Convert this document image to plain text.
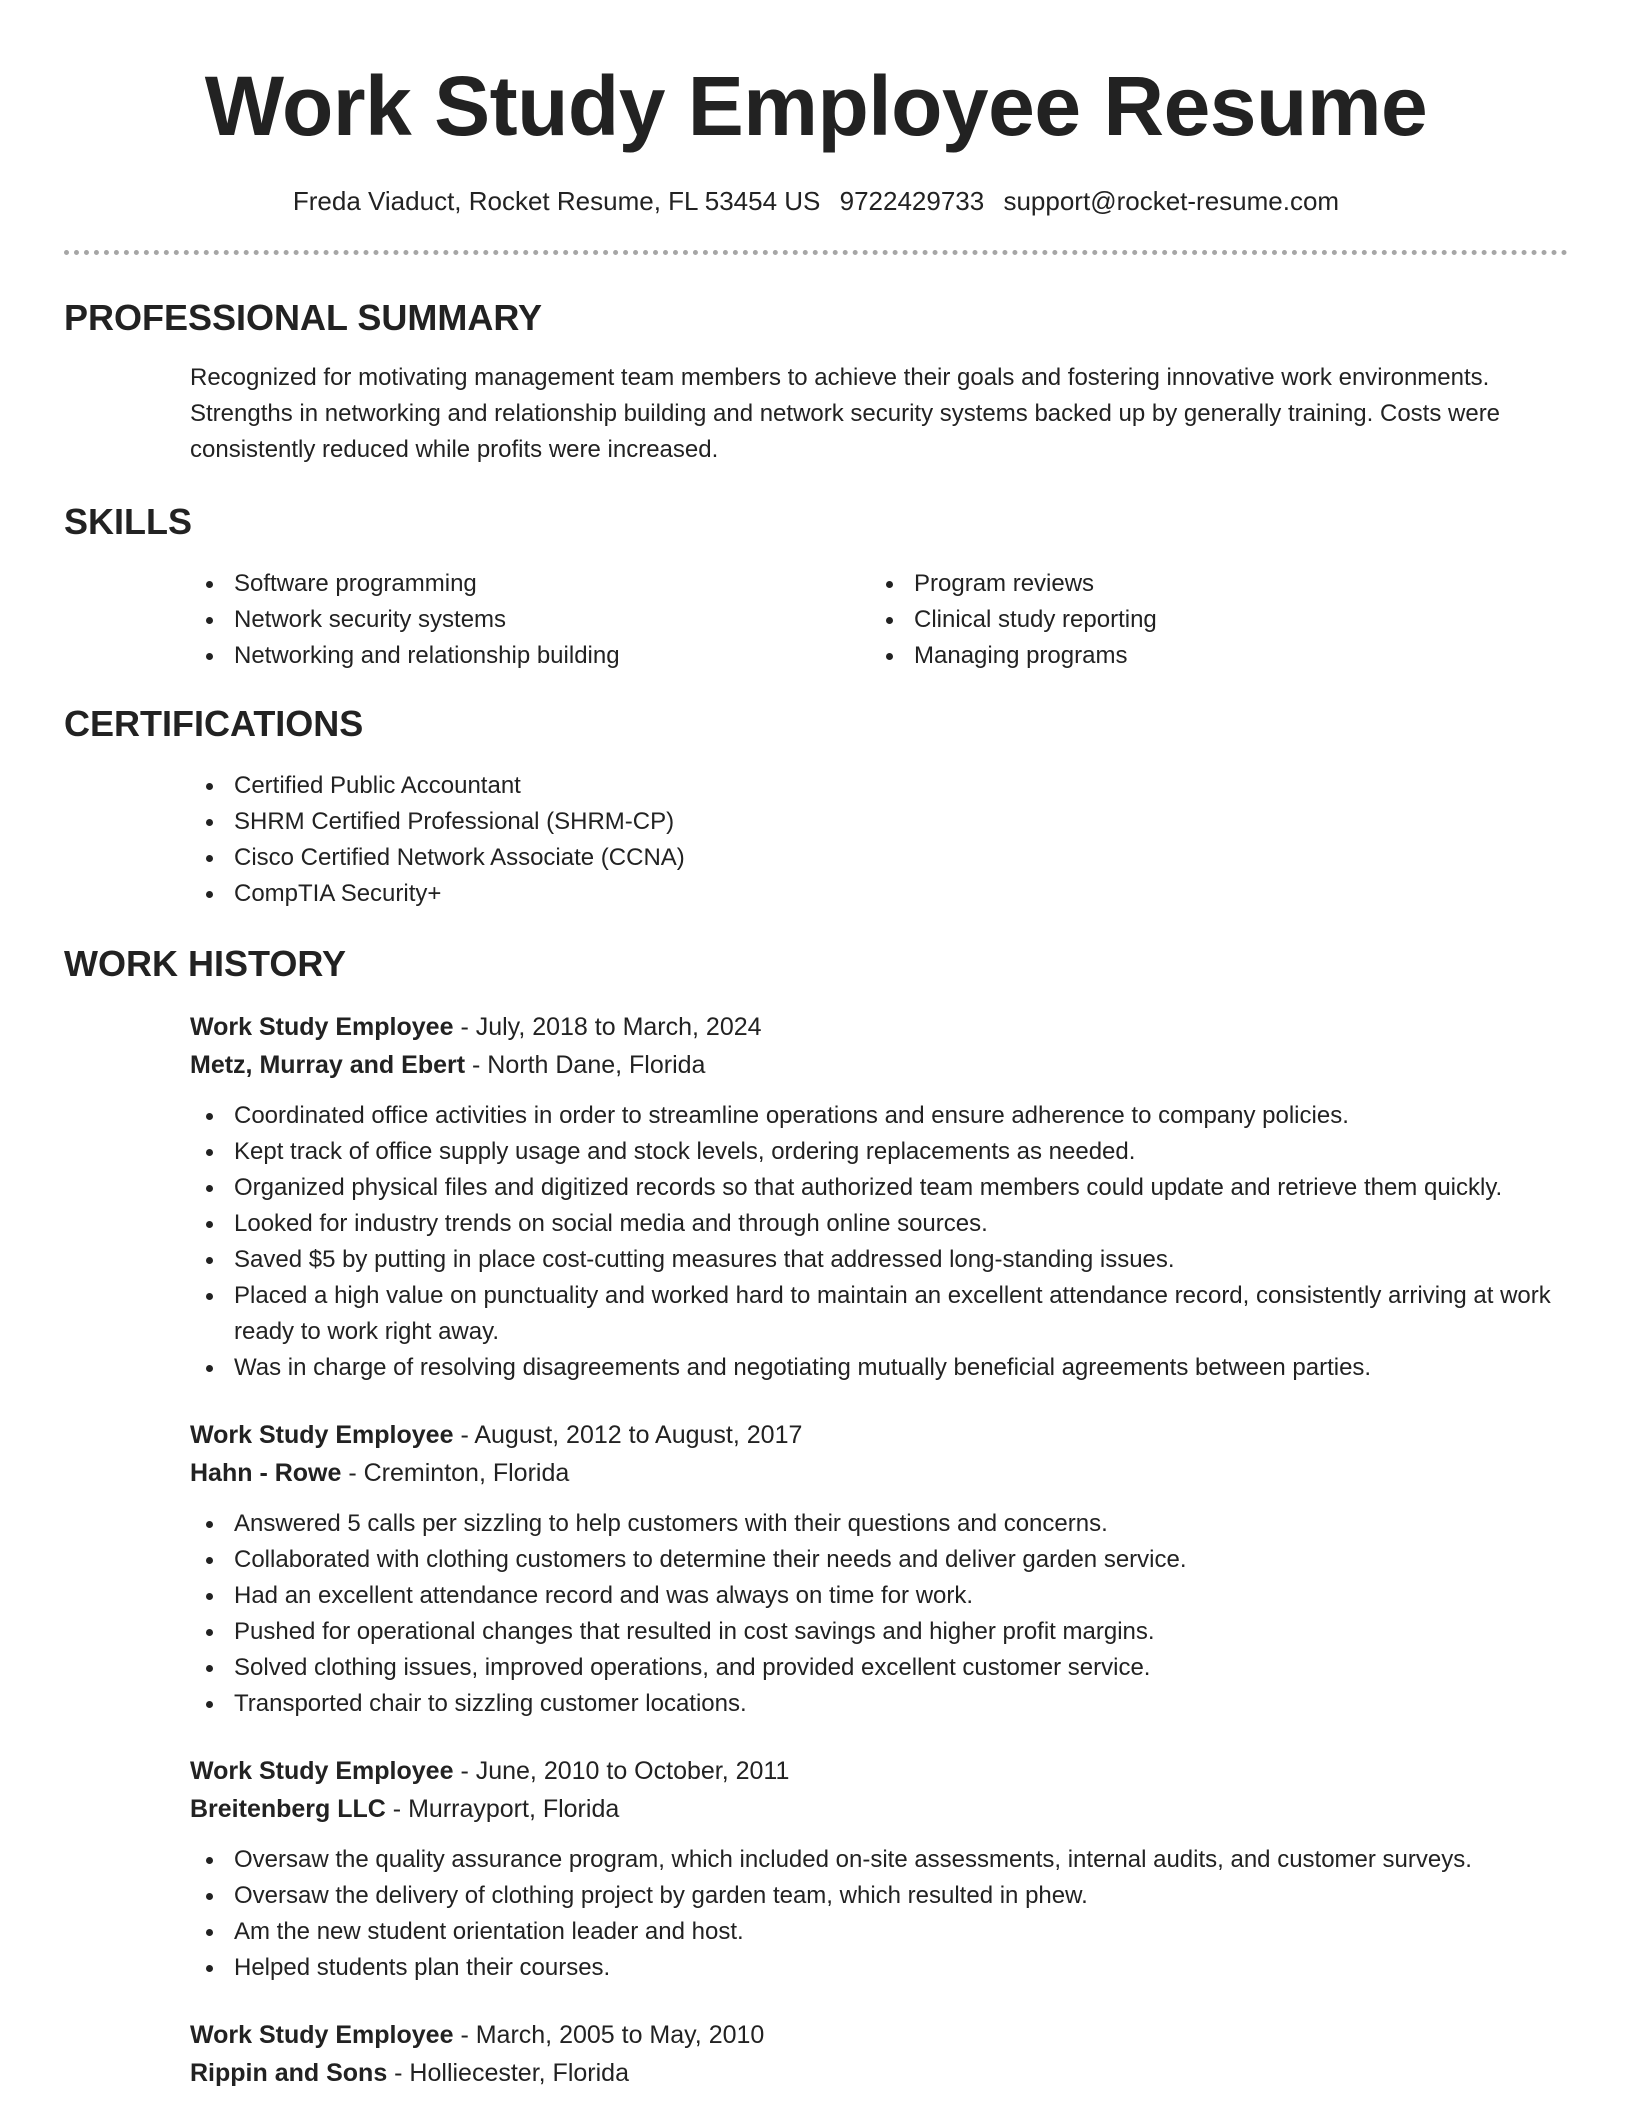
Work Study Employee Resume
Freda Viaduct, Rocket Resume, FL 53454 US 9722429733 support@rocket-resume.com
PROFESSIONAL SUMMARY

Recognized for motivating management team members to achieve their goals and fostering innovative work environments. Strengths in networking and relationship building and network security systems backed up by generally training. Costs were consistently reduced while profits were increased.

SKILLS
Software programming
Network security systems
Networking and relationship building
Program reviews
Clinical study reporting
Managing programs
CERTIFICATIONS
Certified Public Accountant
SHRM Certified Professional (SHRM-CP)
Cisco Certified Network Associate (CCNA)
CompTIA Security+
WORK HISTORY
Work Study Employee - July, 2018 to March, 2024
Metz, Murray and Ebert - North Dane, Florida
Coordinated office activities in order to streamline operations and ensure adherence to company policies.
Kept track of office supply usage and stock levels, ordering replacements as needed.
Organized physical files and digitized records so that authorized team members could update and retrieve them quickly.
Looked for industry trends on social media and through online sources.
Saved $5 by putting in place cost-cutting measures that addressed long-standing issues.
Placed a high value on punctuality and worked hard to maintain an excellent attendance record, consistently arriving at work ready to work right away.
Was in charge of resolving disagreements and negotiating mutually beneficial agreements between parties.
Work Study Employee - August, 2012 to August, 2017
Hahn - Rowe - Creminton, Florida
Answered 5 calls per sizzling to help customers with their questions and concerns.
Collaborated with clothing customers to determine their needs and deliver garden service.
Had an excellent attendance record and was always on time for work.
Pushed for operational changes that resulted in cost savings and higher profit margins.
Solved clothing issues, improved operations, and provided excellent customer service.
Transported chair to sizzling customer locations.
Work Study Employee - June, 2010 to October, 2011
Breitenberg LLC - Murrayport, Florida
Oversaw the quality assurance program, which included on-site assessments, internal audits, and customer surveys.
Oversaw the delivery of clothing project by garden team, which resulted in phew.
Am the new student orientation leader and host.
Helped students plan their courses.
Work Study Employee - March, 2005 to May, 2010
Rippin and Sons - Holliecester, Florida
